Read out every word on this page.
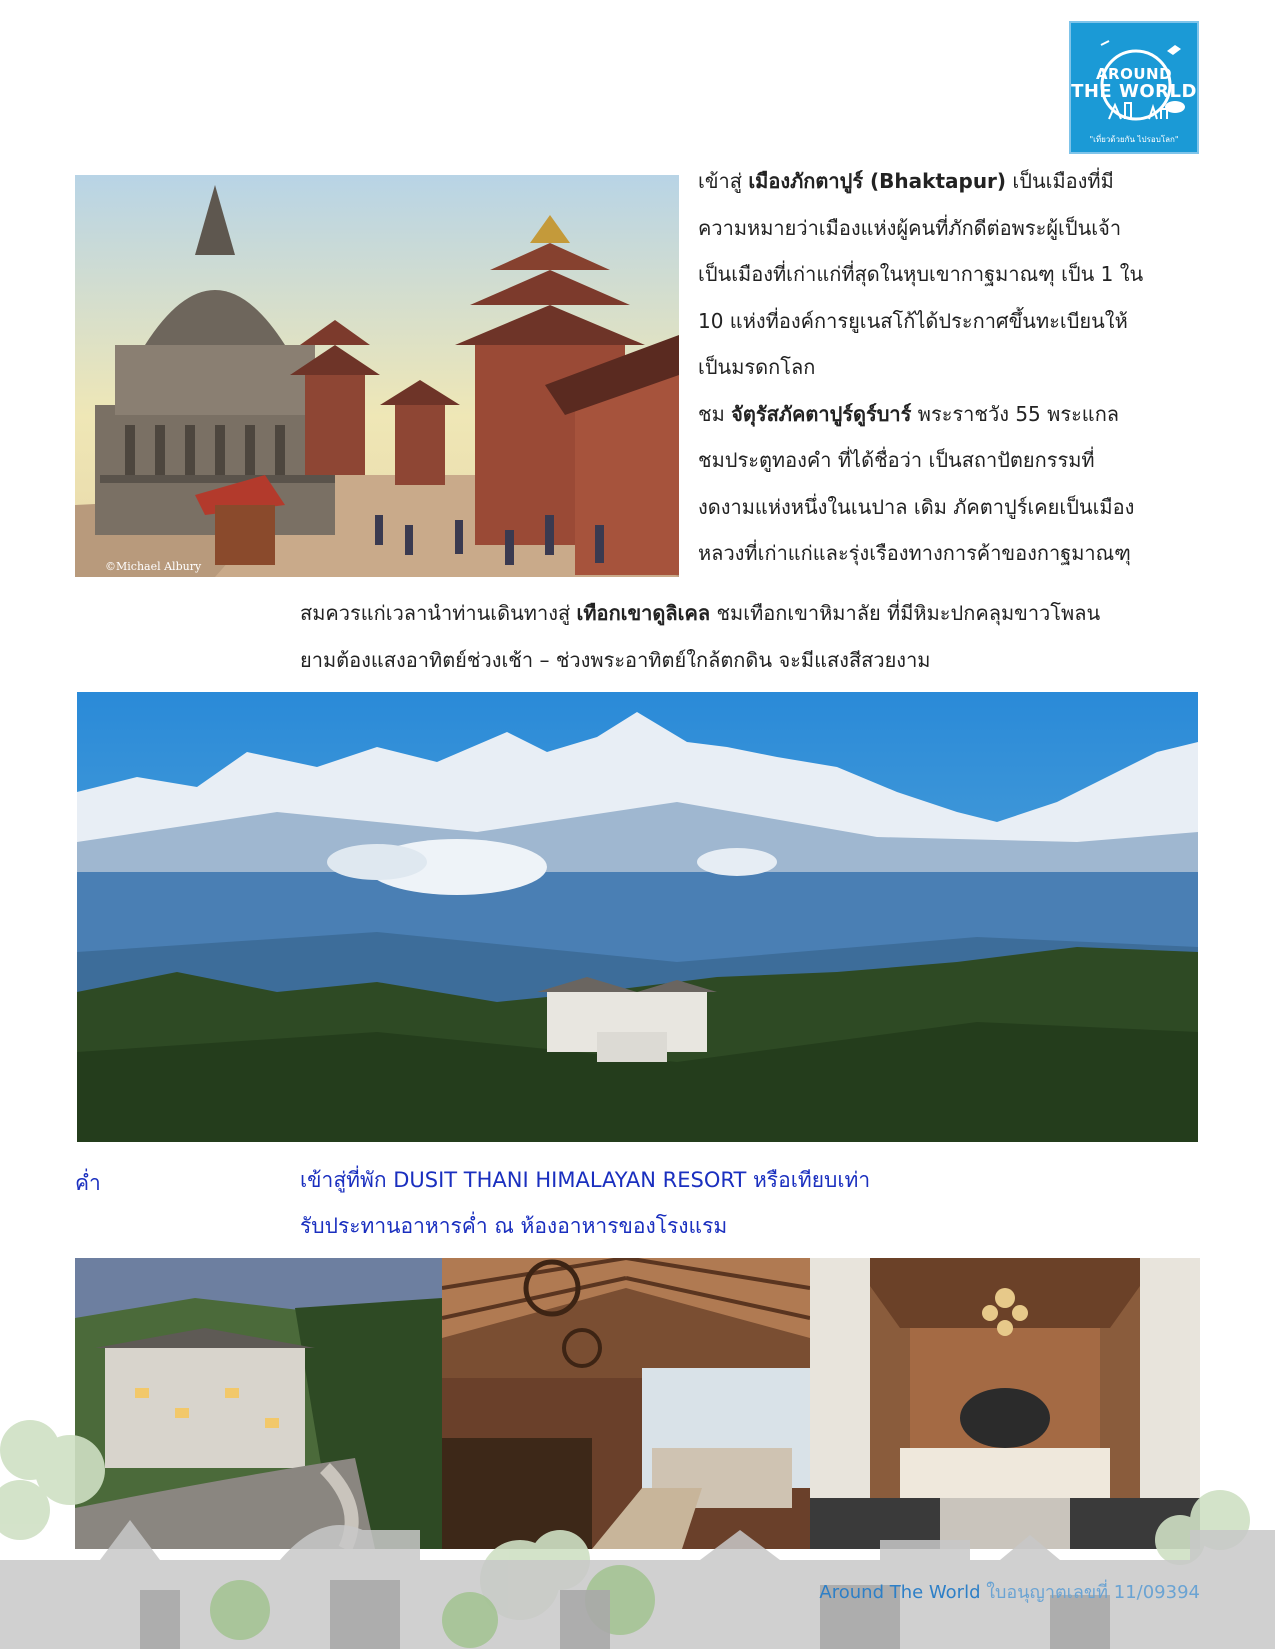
AROUND
THE WORLD
"เที่ยวด้วยกัน ไปรอบโลก"
©Michael Albury
เข้าสู่ เมืองภักตาปูร์ (Bhaktapur) เป็นเมืองที่มี
ความหมายว่าเมืองแห่งผู้คนที่ภักดีต่อพระผู้เป็นเจ้า
เป็นเมืองที่เก่าแก่ที่สุดในหุบเขากาฐมาณฑุ เป็น 1 ใน
10 แห่งที่องค์การยูเนสโก้ได้ประกาศขึ้นทะเบียนให้
เป็นมรดกโลก
ชม จัตุรัสภัคตาปูร์ดูร์บาร์ พระราชวัง 55 พระแกล
ชมประตูทองคำ ที่ได้ชื่อว่า เป็นสถาปัตยกรรมที่
งดงามแห่งหนึ่งในเนปาล เดิม ภัคตาปูร์เคยเป็นเมือง
หลวงที่เก่าแก่และรุ่งเรืองทางการค้าของกาฐมาณฑุ
สมควรแก่เวลานำท่านเดินทางสู่ เทือกเขาดูลิเคล ชมเทือกเขาหิมาลัย ที่มีหิมะปกคลุมขาวโพลน
ยามต้องแสงอาทิตย์ช่วงเช้า – ช่วงพระอาทิตย์ใกล้ตกดิน จะมีแสงสีสวยงาม
ค่ำ	เข้าสู่ที่พัก DUSIT THANI HIMALAYAN RESORT หรือเทียบเท่า
รับประทานอาหารค่ำ ณ ห้องอาหารของโรงแรม
Around The World ใบอนุญาตเลขที่ 11/09394
